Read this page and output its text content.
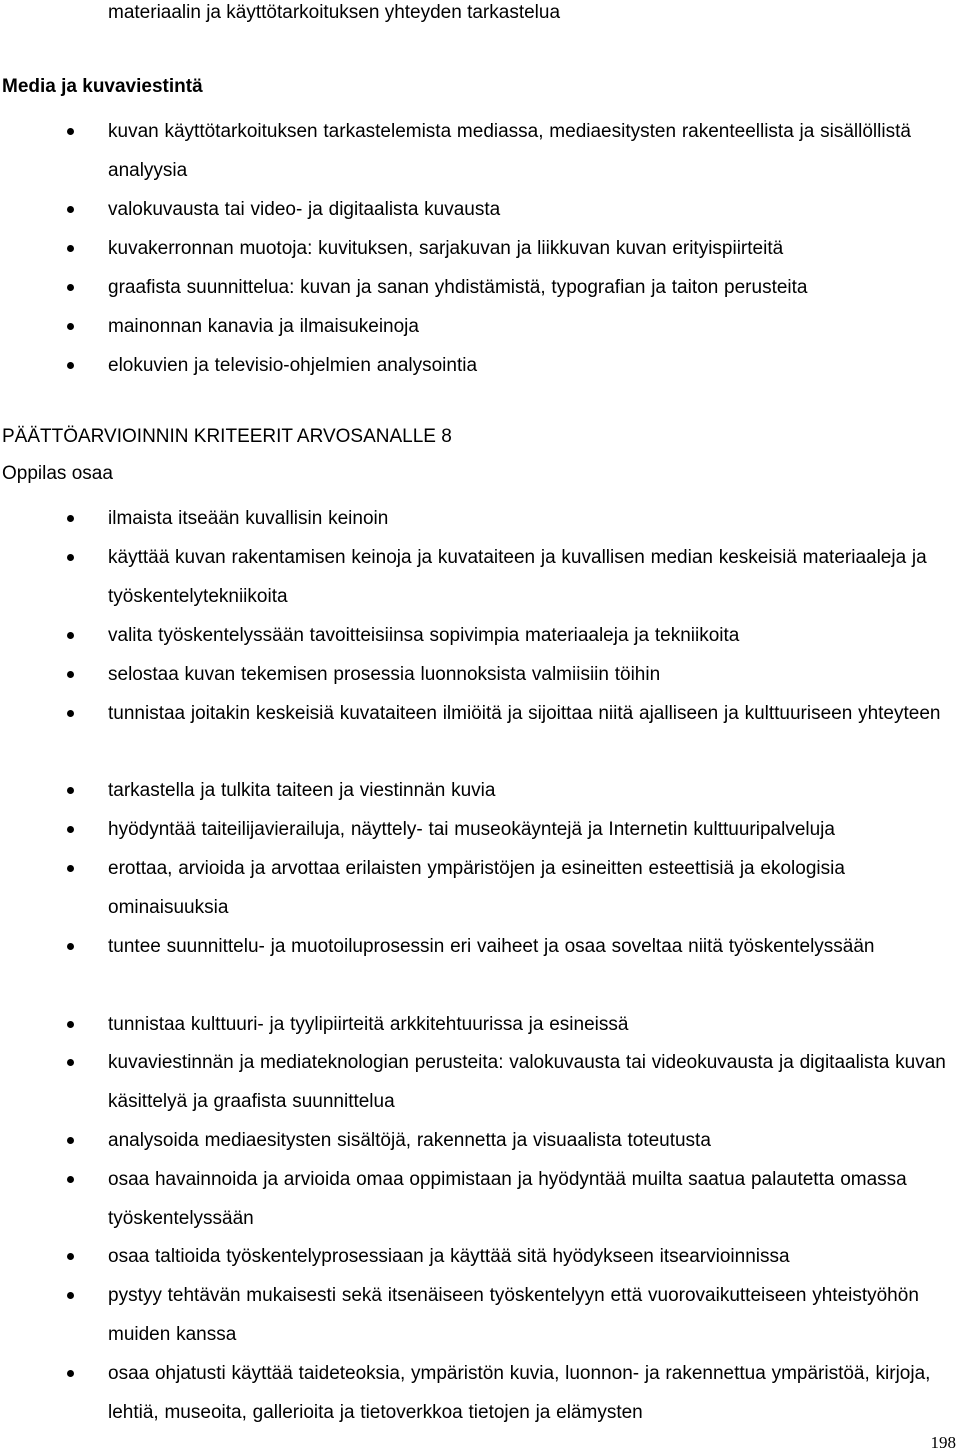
materiaalin ja käyttötarkoituksen yhteyden tarkastelua
Media ja kuvaviestintä
kuvan käyttötarkoituksen tarkastelemista mediassa, mediaesitysten rakenteellista ja sisällöllistä analyysia
valokuvausta tai video- ja digitaalista kuvausta
kuvakerronnan muotoja: kuvituksen, sarjakuvan ja liikkuvan kuvan erityispiirteitä
graafista suunnittelua: kuvan ja sanan yhdistämistä, typografian ja taiton perusteita
mainonnan kanavia ja ilmaisukeinoja
elokuvien ja televisio-ohjelmien analysointia
PÄÄTTÖARVIOINNIN KRITEERIT ARVOSANALLE 8
Oppilas osaa
ilmaista itseään kuvallisin keinoin
käyttää kuvan rakentamisen keinoja ja kuvataiteen ja kuvallisen median keskeisiä materiaaleja ja työskentelytekniikoita
valita työskentelyssään tavoitteisiinsa sopivimpia materiaaleja ja tekniikoita
selostaa kuvan tekemisen prosessia luonnoksista valmiisiin töihin
tunnistaa joitakin keskeisiä kuvataiteen ilmiöitä ja sijoittaa niitä ajalliseen ja kulttuuriseen yhteyteen
tarkastella ja tulkita taiteen ja viestinnän kuvia
hyödyntää taiteilijavierailuja, näyttely- tai museokäyntejä ja Internetin kulttuuripalveluja
erottaa, arvioida ja arvottaa erilaisten ympäristöjen ja esineitten esteettisiä ja ekologisia ominaisuuksia
tuntee suunnittelu- ja muotoiluprosessin eri vaiheet ja osaa soveltaa niitä työskentelyssään
tunnistaa kulttuuri- ja tyylipiirteitä arkkitehtuurissa ja esineissä
kuvaviestinnän ja mediateknologian perusteita: valokuvausta tai videokuvausta ja digitaalista kuvan käsittelyä ja graafista suunnittelua
analysoida mediaesitysten sisältöjä, rakennetta ja visuaalista toteutusta
osaa havainnoida ja arvioida omaa oppimistaan ja hyödyntää muilta saatua palautetta omassa työskentelyssään
osaa taltioida työskentelyprosessiaan ja käyttää sitä hyödykseen itsearvioinnissa
pystyy tehtävän mukaisesti sekä itsenäiseen työskentelyyn että vuorovaikutteiseen yhteistyöhön muiden kanssa
osaa ohjatusti käyttää taideteoksia, ympäristön kuvia, luonnon- ja rakennettua ympäristöä, kirjoja, lehtiä, museoita, gallerioita ja tietoverkkoa tietojen ja elämysten
198
